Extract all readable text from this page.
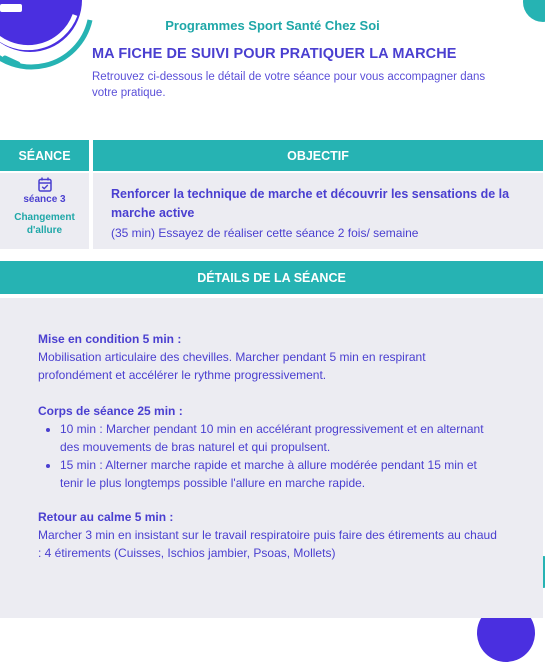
Programmes Sport Santé Chez Soi
MA FICHE DE SUIVI POUR PRATIQUER LA MARCHE
Retrouvez ci-dessous le détail de votre séance pour vous accompagner dans votre pratique.
SÉANCE	OBJECTIF
séance 3
Changement d'allure
Renforcer la technique de marche et découvrir les sensations de la marche active
(35 min) Essayez de réaliser cette séance 2 fois/ semaine
DÉTAILS DE LA SÉANCE
Mise en condition 5 min :
Mobilisation articulaire des chevilles. Marcher pendant 5 min en respirant profondément et accélérer le rythme progressivement.
Corps de séance 25 min :
• 10 min : Marcher pendant 10 min en accélérant progressivement et en alternant des mouvements de bras naturel et qui propulsent.
• 15 min : Alterner marche rapide et marche à allure modérée pendant 15 min et tenir le plus longtemps possible l'allure en marche rapide.
Retour au calme 5 min :
Marcher 3 min en insistant sur le travail respiratoire puis faire des étirements au chaud : 4 étirements (Cuisses, Ischios jambier, Psoas, Mollets)
